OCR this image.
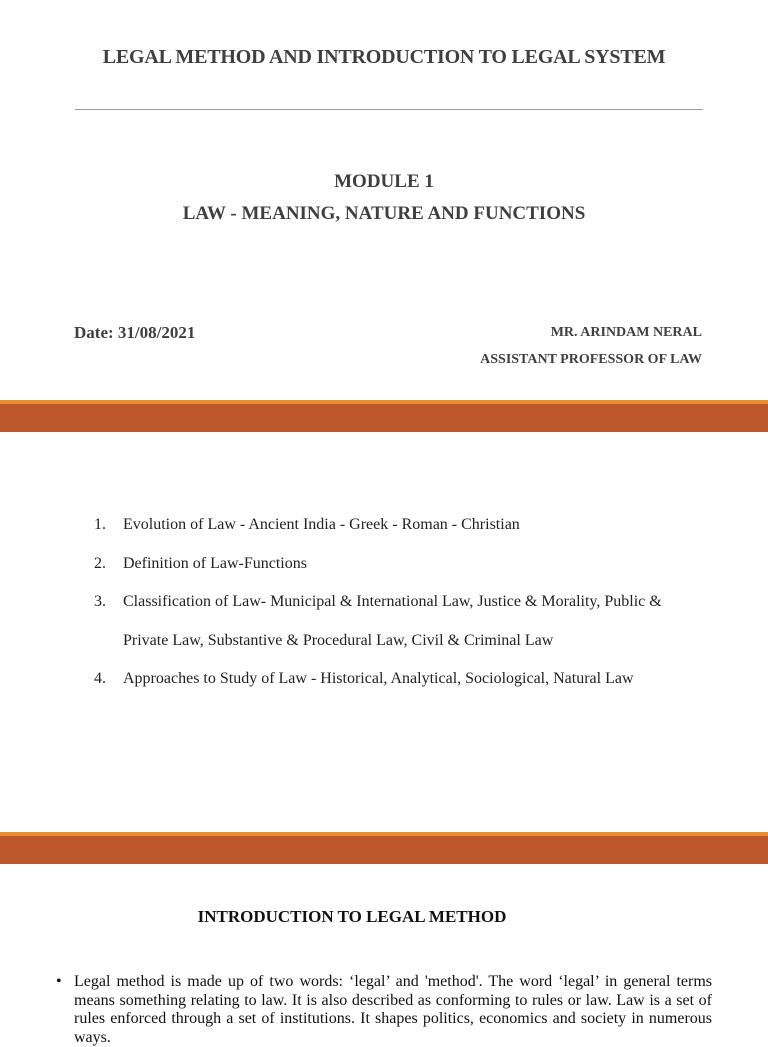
LEGAL METHOD AND INTRODUCTION TO LEGAL SYSTEM
MODULE 1
LAW - MEANING, NATURE AND FUNCTIONS
Date: 31/08/2021	MR. ARINDAM NERAL
ASSISTANT PROFESSOR OF LAW
1. Evolution of Law - Ancient India - Greek - Roman - Christian
2. Definition of Law-Functions
3. Classification of Law- Municipal & International Law, Justice & Morality, Public & Private Law, Substantive & Procedural Law, Civil & Criminal Law
4. Approaches to Study of Law - Historical, Analytical, Sociological, Natural Law
INTRODUCTION TO LEGAL METHOD
• Legal method is made up of two words: ‘legal’ and 'method'. The word ‘legal’ in general terms means something relating to law. It is also described as conforming to rules or law. Law is a set of rules enforced through a set of institutions. It shapes politics, economics and society in numerous ways.
